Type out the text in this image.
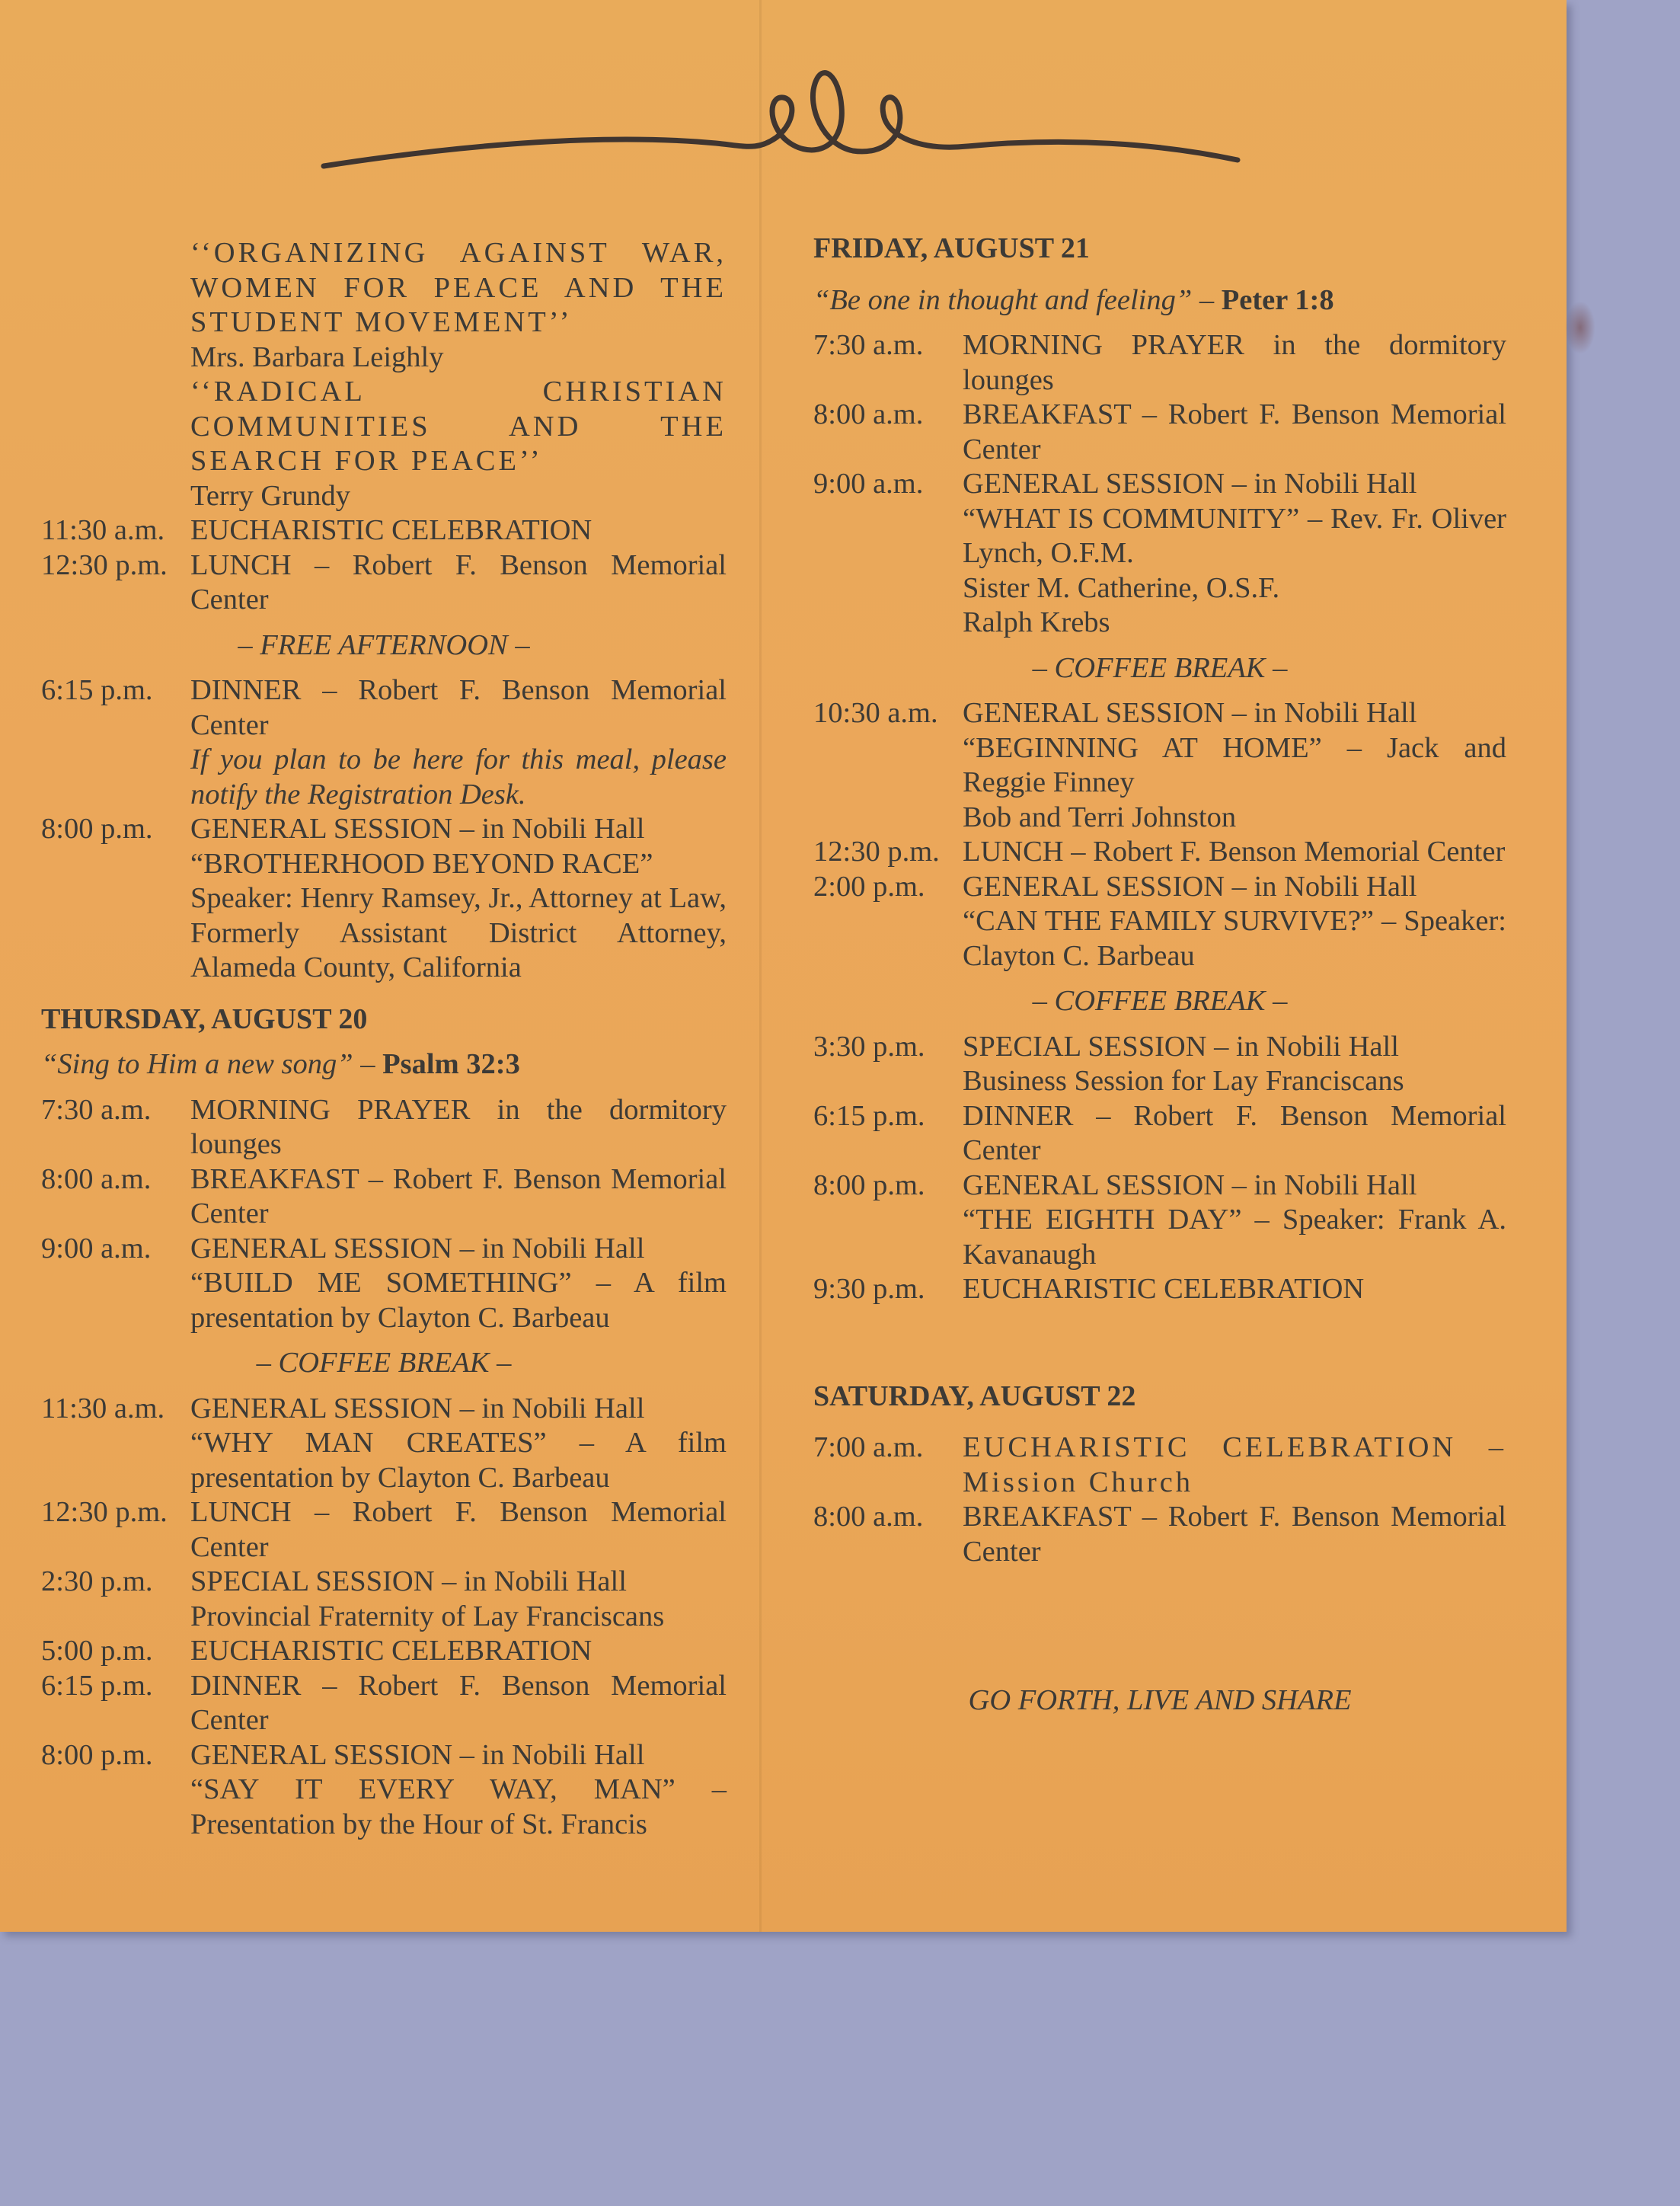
‘‘ORGANIZING AGAINST WAR, WOMEN FOR PEACE AND THE STUDENT MOVEMENT’’
Mrs. Barbara Leighly
‘‘RADICAL CHRISTIAN COMMUNITIES AND THE SEARCH FOR PEACE’’
Terry Grundy
11:30 a.m. EUCHARISTIC CELEBRATION
12:30 p.m. LUNCH – Robert F. Benson Memorial Center
– FREE AFTERNOON –
6:15 p.m.	DINNER – Robert F. Benson Memorial Center
If you plan to be here for this meal, please notify the Registration Desk.
8:00 p.m.	GENERAL SESSION – in Nobili Hall
“BROTHERHOOD BEYOND RACE”
Speaker: Henry Ramsey, Jr., Attorney at Law, Formerly Assistant District Attorney, Alameda County, California
THURSDAY, AUGUST 20
“Sing to Him a new song” – Psalm 32:3
7:30 a.m.	MORNING PRAYER in the dormitory lounges
8:00 a.m.	BREAKFAST – Robert F. Benson Memorial Center
9:00 a.m.	GENERAL SESSION – in Nobili Hall
“BUILD ME SOMETHING” – A film presentation by Clayton C. Barbeau
– COFFEE BREAK –
11:30 a.m. GENERAL SESSION – in Nobili Hall
“WHY MAN CREATES” – A film presentation by Clayton C. Barbeau
12:30 p.m. LUNCH – Robert F. Benson Memorial Center
2:30 p.m.	SPECIAL SESSION – in Nobili Hall
Provincial Fraternity of Lay Franciscans
5:00 p.m.	EUCHARISTIC CELEBRATION
6:15 p.m.	DINNER – Robert F. Benson Memorial Center
8:00 p.m.	GENERAL SESSION – in Nobili Hall
“SAY IT EVERY WAY, MAN” – Presentation by the Hour of St. Francis
FRIDAY, AUGUST 21
“Be one in thought and feeling” – Peter 1:8
7:30 a.m.	MORNING PRAYER in the dormitory lounges
8:00 a.m.	BREAKFAST – Robert F. Benson Memorial Center
9:00 a.m.	GENERAL SESSION – in Nobili Hall
“WHAT IS COMMUNITY” – Rev. Fr. Oliver Lynch, O.F.M.
Sister M. Catherine, O.S.F.
Ralph Krebs
– COFFEE BREAK –
10:30 a.m. GENERAL SESSION – in Nobili Hall
“BEGINNING AT HOME” – Jack and Reggie Finney
Bob and Terri Johnston
12:30 p.m. LUNCH – Robert F. Benson Memorial Center
2:00 p.m.	GENERAL SESSION – in Nobili Hall
“CAN THE FAMILY SURVIVE?” – Speaker: Clayton C. Barbeau
– COFFEE BREAK –
3:30 p.m.	SPECIAL SESSION – in Nobili Hall
Business Session for Lay Franciscans
6:15 p.m.	DINNER – Robert F. Benson Memorial Center
8:00 p.m.	GENERAL SESSION – in Nobili Hall
“THE EIGHTH DAY” – Speaker: Frank A. Kavanaugh
9:30 p.m.	EUCHARISTIC CELEBRATION
SATURDAY, AUGUST 22
7:00 a.m.	EUCHARISTIC CELEBRATION – Mission Church
8:00 a.m.	BREAKFAST – Robert F. Benson Memorial Center
GO FORTH, LIVE AND SHARE
